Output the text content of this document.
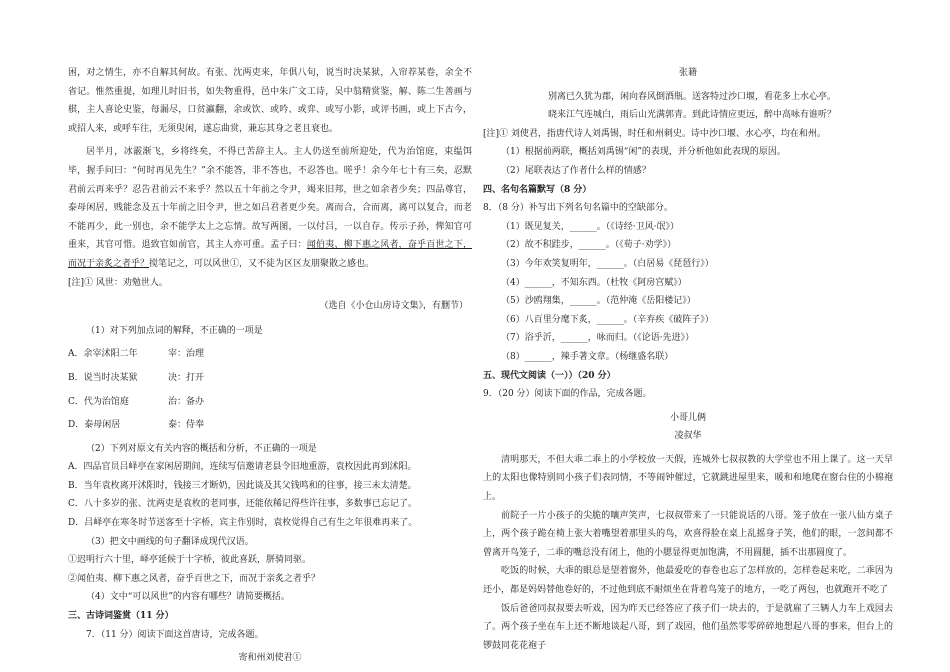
困，对之情生，亦不自解其何故。有张、沈两吏来，年俱八旬，说当时决某狱，入帘荐某卷，余全不省记。惟然重提，如理儿时旧书，如失物重得，邑中朱广文工诗，吴中翁精赏鉴，解、陈二生善画与棋，主人喜论史鉴，每漏尽，口贫瀛翻，余或饮、或吟、或弈、或写小影，或评书画，或上下古今，或招人来，或呼车往，无须臾闲，遂忘曲赏，兼忘其身之老且衰也。

居半月，冰霰渐飞，乡将终矣，不得已苦辞主人。主人仍送至前所迎处，代为治馆庭，束缊饵毕，握手问曰：“何时再见先生？”余不能答，非不答也，不忍答也。嗟乎！余今年七十有三矣，忍默君前云再来乎？忍告君前云不来乎？然以五十年前之令尹，竭来旧邦，世之如余者少矣；四品尊官，泰母闲居，贱能念及五十年前之旧令尹，世之如吕君者更少矣。离而合，合而离，离可以复合，而老不能再少，此一别也，余不能学太上之忘情。故写两图，一以付吕，一以自存。传示子孙，俾知官可重来，其官可惜。退致官如前官，其主人亦可重。孟子曰：闻伯夷、柳下惠之风者，奋乎百世之下，而况于亲炙之者乎？搅笔记之，可以风世①，又不徒为区区友朋聚散之感也。

[注]① 风世：劝勉世人。

（选自《小仓山房诗文集》，有删节）

（1）对下列加点词的解释，不正确的一项是

A．余宰沭阳二年	宰：治理
B．说当时决某狱	决：打开
C．代为治馆庭	治：备办
D．泰母闲居	泰：侍奉

（2）下列对原文有关内容的概括和分析，不正确的一项是

A．四品官员吕峄亭在家闲居期间，连续写信邀请老县令旧地重游，袁枚因此再到沭阳。

B．当年袁枚离开沭阳时，钱接三才断奶，因此谈及其父钱鸣和的往事，接三未太清楚。

C．八十多岁的张、沈两吏是袁枚的老同事，还能依稀记得些许往事，多数事已忘记了。

D．吕峄亭在寒冬时节送客至十字桥，宾主作别时，袁枚觉得自己有生之年很难再来了。

（3）把文中画线的句子翻译成现代汉语。

①迟明行六十里，峄亭延候于十字桥，彼此喜跃，胼骑同驱。

②闻伯夷、柳下惠之风者，奋乎百世之下，而况于亲炙之者乎？

（4）文中“可以风世”的内容有哪些？请简要概括。

三、古诗词鉴赏（11 分）

7．（11 分）阅读下面这首唐诗，完成各题。

寄和州刘使君①

张籍

别离已久犹为郡，闲向春风倒酒瓶。送客特过沙口堰，看花多上水心亭。

晓来江气连城白，雨后山光满郭青。到此诗情应更远，醉中高咏有谁听？

[注]① 刘使君，指唐代诗人刘禹锡，时任和州刺史。诗中沙口堰、水心亭，均在和州。

（1）根据前两联，概括刘禹锡“闲”的表现，并分析他如此表现的原因。

（2）尾联表达了作者什么样的情感？

四、名句名篇默写（8 分）

8．（8 分）补写出下列名句名篇中的空缺部分。

（1）既见复关，______。（《诗经·卫风·氓》）

（2）故不积跬步，______。（《荀子·劝学》）

（3）今年欢笑复明年，______。（白居易《琵琶行》）

（4）______，不知东西。（杜牧《阿房宫赋》）

（5）沙鸥翔集，______。（范仲淹《岳阳楼记》）

（6）八百里分麾下炙，______。（辛弃疾《破阵子》）

（7）浴乎沂，______，咏而归。（《论语·先进》）

（8）______，辣手著文章。（杨继盛名联）

五、现代文阅读（一））（20 分）

9．（20 分）阅读下面的作品，完成各题。

小哥儿俩

凌叔华

清明那天，不但大乖二乖上的小学校放一天假，连城外七叔叔教的大学堂也不用上课了。这一天早上的太阳也像特别同小孩子们表同情，不等闹钟催过，它就跳进屋里来，暖和和地爬在窗台住的小棉袍上。

前院子一片小孩子的尖脆的嚷声笑声，七叔叔带来了一只能说话的八哥。笼子放在一张八仙方桌子上，两个孩子跪在椅上张大着嘴望着那里头的鸟，欢喜得脸在桌上乱摇身子笑，他们的眼，一忽间都不曾离开鸟笼子，二乖的嘴总没有闭上，他的小腮显得更加饱满，不用圆腿，插不出那圆度了。

吃饭的时候，大乖的眼总是望着窗外，他最爱吃的春卷也忘了怎样放的，怎样卷起来吃，二乖因为还小，都是妈妈替他卷好的，不过他到底不耐烦坐在背着鸟笼子的地方，一吃了两包，也就跑开不吃了

饭后爸爸同叔叔要去听戏，因为昨天已经答应了孩子们一块去的，于是就雇了三辆人力车上戏园去了。两个孩子坐在车上还不断地谈起八哥，到了戏园，他们虽然零零碎碎地想起八哥的事来，但台上的锣鼓同花花袍子
